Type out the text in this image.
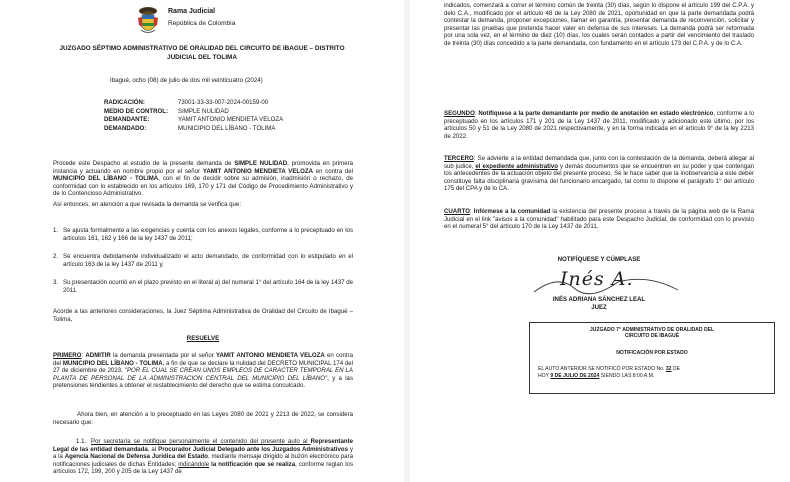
Rama Judicial
República de Colombia
JUZGADO SÉPTIMO ADMINISTRATIVO DE ORALIDAD DEL CIRCUITO DE IBAGUE – DISTRITO JUDICIAL DEL TOLIMA
Ibagué, ocho (08) de julio de dos mil veinticuatro (2024)
RADICACIÓN:	73001-33-33-007-2024-00159-00
MEDIO DE CONTROL:	SIMPLE NULIDAD
DEMANDANTE:	YAMIT ANTONIO MENDIETA VELOZA
DEMANDADO:	MUNICIPIO DEL LÍBANO - TOLIMA

Procede este Despacho al estudio de la presente demanda de SIMPLE NULIDAD, promovida en primera instancia y actuando en nombre propio por el señor YAMIT ANTONIO MENDIETA VELOZA en contra del MUNICIPIO DEL LÍBANO - TOLIMA, con el fin de decidir sobre su admisión, inadmisión o rechazo, de conformidad con lo establecido en los artículos 169, 170 y 171 del Código de Procedimiento Administrativo y de lo Contencioso Administrativo.

Así entonces, en atención a que revisada la demanda se verifica que:

1. Se ajusta formalmente a las exigencias y cuenta con los anexos legales, conforme a lo preceptuado en los artículos 161, 162 y 166 de la ley 1437 de 2011;

2. Se encuentra debidamente individualizado el acto demandado, de conformidad con lo estipulado en el artículo 163 de la ley 1437 de 2011 y,

3. Su presentación ocurrió en el plazo previsto en el literal a) del numeral 1° del artículo 164 de la ley 1437 de 2011.

Acorde a las anteriores consideraciones, la Juez Séptima Administrativa de Oralidad del Circuito de Ibagué – Tolima,

RESUELVE

PRIMERO: ADMITIR la demanda presentada por el señor YAMIT ANTONIO MENDIETA VELOZA en contra del MUNICIPIO DEL LÍBANO - TOLIMA, a fin de que se declare la nulidad del DECRETO MUNICIPAL 174 del 27 de diciembre de 2023, "POR EL CUAL SE CREAN UNOS EMPLEOS DE CARACTER TEMPORAL EN LA PLANTA DE PERSONAL DE LA ADMINISTRACION CENTRAL DEL MUNICIPIO DEL LÍBANO", y a las pretensiones tendientes a obtener el restablecimiento del derecho que se estima conculcado.

Ahora bien, en atención a lo preceptuado en las Leyes 2080 de 2021 y 2213 de 2022, se considera necesario que:

1.1. Por secretaría se notifique personalmente el contenido del presente auto al Representante Legal de las entidad demandada, al Procurador Judicial Delegado ante los Juzgados Administrativos y a la Agencia Nacional de Defensa Jurídica del Estado, mediante mensaje dirigido al buzón electrónico para notificaciones judiciales de dichas Entidades; indicándole la notificación que se realiza, conforme reglan los artículos 172, 199, 200 y 205 de la Ley 1437 de

indicados, comenzará a correr el término común de treinta (30) días, según lo dispone el artículo 199 del C.P.A. y delo C.A., modificado por el artículo 48 de la Ley 2080 de 2021, oportunidad en que la parte demandada podrá contestar la demanda, proponer excepciones, llamar en garantía, presentar demanda de reconvención, solicitar y presentar las pruebas que pretenda hacer valer en defensa de sus intereses. La demanda podrá ser reformada por una sola vez, en el término de diez (10) días, los cuales serán contados a partir del vencimiento del traslado de treinta (30) días concedido a la parte demandada, con fundamento en el artículo 173 del C.P.A. y de lo C.A.

SEGUNDO: Notifíquese a la parte demandante por medio de anotación en estado electrónico, conforme a lo preceptuado en los artículos 171 y 201 de la Ley 1437 de 2011, modificado y adicionado este último, por los artículos 50 y 51 de la Ley 2080 de 2021 respectivamente, y en la forma indicada en el artículo 9° de la ley 2213 de 2022.

TERCERO: Se advierte a la entidad demandada que, junto con la contestación de la demanda, deberá allegar al sub judice, el expediente administrativo y demás documentos que se encuentren en su poder y que contengan los antecedentes de la actuación objeto del presente proceso. Se le hace saber que la inobservancia a este deber constituye falta disciplinaria gravísima del funcionario encargado, tal como lo dispone el parágrafo 1° del artículo 175 del CPA y de lo CA.

CUARTO: Infórmese a la comunidad la existencia del presente proceso a través de la página web de la Rama Judicial en el link "avisos a la comunidad" habilitado para este Despacho Judicial, de conformidad con lo previsto en el numeral 5° del artículo 170 de la Ley 1437 de 2011.

NOTIFÍQUESE Y CÚMPLASE
Inés A.
INÉS ADRIANA SÁNCHEZ LEAL
JUEZ
JUZGADO 7° ADMINISTRATIVO DE ORALIDAD DEL
CIRCUITO DE IBAGUÉ
NOTIFICACIÓN POR ESTADO
EL AUTO ANTERIOR SE NOTIFICÓ POR ESTADO No. 32 DE
HOY 9 DE JULIO DE 2024 SIENDO LAS 8:00 A.M.
